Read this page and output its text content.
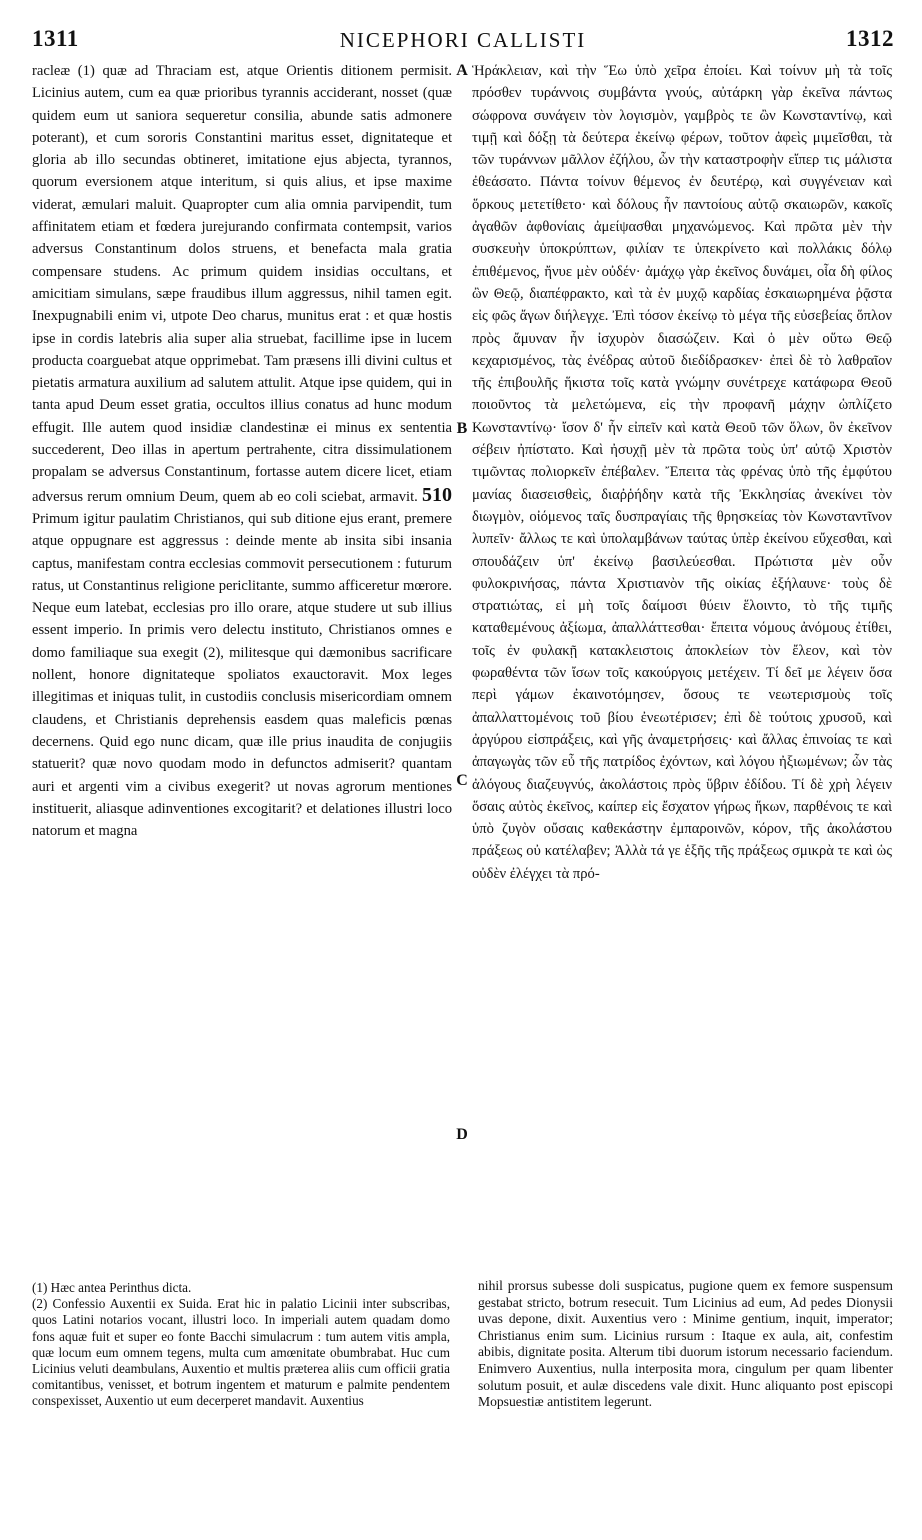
1311	NICEPHORI CALLISTI	1312

racleæ (1) quæ ad Thraciam est, atque Orientis ditionem permisit. Licinius autem, cum ea quæ prioribus tyrannis acciderant, nosset (quæ quidem eum ut saniora sequeretur consilia, abunde satis admonere poterant), et cum sororis Constantini maritus esset, dignitateque et gloria ab illo secundas obtineret, imitatione ejus abjecta, tyrannos, quorum eversionem atque interitum, si quis alius, et ipse maxime viderat, æmulari maluit. Quapropter cum alia omnia parvipendit, tum affinitatem etiam et fœdera jurejurando confirmata contempsit, varios adversus Constantinum dolos struens, et benefacta mala gratia compensare studens. Ac primum quidem insidias occultans, et amicitiam simulans, sæpe fraudibus illum aggressus, nihil tamen egit. Inexpugnabili enim vi, utpote Deo charus, munitus erat : et quæ hostis ipse in cordis latebris alia super alia struebat, facillime ipse in lucem producta coarguebat atque opprimebat. Tam præsens illi divini cultus et pietatis armatura auxilium ad salutem attulit. Atque ipse quidem, qui in tanta apud Deum esset gratia, occultos illius conatus ad hunc modum effugit. Ille autem quod insidiæ clandestinæ ei minus ex sententia succederent, Deo illas in apertum pertrahente, citra dissimulationem propalam se adversus Constantinum, fortasse autem dicere licet, etiam adversus rerum omnium Deum, quem ab eo coli sciebat, armavit. 510 Primum igitur paulatim Christianos, qui sub ditione ejus erant, premere atque oppugnare est aggressus : deinde mente ab insita sibi insania captus, manifestam contra ecclesias commovit persecutionem : futurum ratus, ut Constantinus religione periclitante, summo afficeretur mœrore. Neque eum latebat, ecclesias pro illo orare, atque studere ut sub illius essent imperio. In primis vero delectu instituto, Christianos omnes e domo familiaque sua exegit (2), militesque qui dæmonibus sacrificare nollent, honore dignitateque spoliatos exauctoravit. Mox leges illegitimas et iniquas tulit, in custodiis conclusis misericordiam omnem claudens, et Christianis deprehensis easdem quas maleficis pœnas decernens. Quid ego nunc dicam, quæ ille prius inaudita de conjugiis statuerit? quæ novo quodam modo in defunctos admiserit? quantam auri et argenti vim a civibus exegerit? ut novas agrorum mentiones instituerit, aliasque adinventiones excogitarit? et delationes illustri loco natorum et magna

A
B
C
D

Ἡράκλειαν, καὶ τὴν Ἕω ὑπὸ χεῖρα ἐποίει. Καὶ τοίνυν μὴ τὰ τοῖς πρόσθεν τυράννοις συμβάντα γνούς, αὐτάρκη γὰρ ἐκεῖνα πάντως σώφρονα συνάγειν τὸν λογισμὸν, γαμβρὸς τε ὢν Κωνσταντίνῳ, καὶ τιμῇ καὶ δόξῃ τὰ δεύτερα ἐκείνῳ φέρων, τοῦτον ἀφεὶς μιμεῖσθαι, τὰ τῶν τυράννων μᾶλλον ἐζήλου, ὧν τὴν καταστροφὴν εἴπερ τις μάλιστα ἐθεάσατο. Πάντα τοίνυν θέμενος ἐν δευτέρῳ, καὶ συγγένειαν καὶ ὅρκους μετετίθετο· καὶ δόλους ἦν παντοίους αὐτῷ σκαιωρῶν, κακοῖς ἀγαθῶν ἀφθονίαις ἀμείψασθαι μηχανώμενος. Καὶ πρῶτα μὲν τὴν συσκευὴν ὑποκρύπτων, φιλίαν τε ὑπεκρίνετο καὶ πολλάκις δόλῳ ἐπιθέμενος, ἤνυε μὲν οὐδέν· ἀμάχῳ γὰρ ἐκεῖνος δυνάμει, οἷα δὴ φίλος ὢν Θεῷ, διαπέφρακτο, καὶ τὰ ἐν μυχῷ καρδίας ἐσκαιωρημένα ῥᾷστα εἰς φῶς ἄγων διήλεγχε. Ἐπὶ τόσον ἐκείνῳ τὸ μέγα τῆς εὐσεβείας ὅπλον πρὸς ἄμυναν ἦν ἰσχυρὸν διασώζειν. Καὶ ὁ μὲν οὕτω Θεῷ κεχαρισμένος, τὰς ἐνέδρας αὐτοῦ διεδίδρασκεν· ἐπεὶ δὲ τὸ λαθραῖον τῆς ἐπιβουλῆς ἥκιστα τοῖς κατὰ γνώμην συνέτρεχε κατάφωρα Θεοῦ ποιοῦντος τὰ μελετώμενα, εἰς τὴν προφανῆ μάχην ὡπλίζετο Κωνσταντίνῳ· ἴσον δ' ἦν εἰπεῖν καὶ κατὰ Θεοῦ τῶν ὅλων, ὃν ἐκεῖνον σέβειν ἠπίστατο. Καὶ ἠσυχῇ μὲν τὰ πρῶτα τοὺς ὑπ' αὐτῷ Χριστὸν τιμῶντας πολιορκεῖν ἐπέβαλεν. Ἔπειτα τὰς φρένας ὑπὸ τῆς ἐμφύτου μανίας διασεισθεὶς, διαῤῥήδην κατὰ τῆς Ἐκκλησίας ἀνεκίνει τὸν διωγμὸν, οἰόμενος ταῖς δυσπραγίαις τῆς θρησκείας τὸν Κωνσταντῖνον λυπεῖν· ἄλλως τε καὶ ὑπολαμβάνων ταύτας ὑπὲρ ἐκείνου εὔχεσθαι, καὶ σπουδάζειν ὑπ' ἐκείνῳ βασιλεύεσθαι. Πρώτιστα μὲν οὖν φυλοκρινήσας, πάντα Χριστιανὸν τῆς οἰκίας ἐξήλαυνε· τοὺς δὲ στρατιώτας, εἰ μὴ τοῖς δαίμοσι θύειν ἕλοιντο, τὸ τῆς τιμῆς καταθεμένους ἀξίωμα, ἀπαλλάττεσθαι· ἔπειτα νόμους ἀνόμους ἐτίθει, τοῖς ἐν φυλακῇ κατακλειστοις ἀποκλείων τὸν ἔλεον, καὶ τὸν φωραθέντα τῶν ἴσων τοῖς κακούργοις μετέχειν. Τί δεῖ με λέγειν ὅσα περὶ γάμων ἐκαινοτόμησεν, ὅσους τε νεωτερισμοὺς τοῖς ἀπαλλαττομένοις τοῦ βίου ἐνεωτέρισεν; ἐπὶ δὲ τούτοις χρυσοῦ, καὶ ἀργύρου εἰσπράξεις, καὶ γῆς ἀναμετρήσεις· καὶ ἄλλας ἐπινοίας τε καὶ ἀπαγωγὰς τῶν εὖ τῆς πατρίδος ἐχόντων, καὶ λόγου ἠξιωμένων; ὧν τὰς ἀλόγους διαζευγνύς, ἀκολάστοις πρὸς ὕβριν ἐδίδου. Τί δὲ χρὴ λέγειν ὅσαις αὐτὸς ἐκεῖνος, καίπερ εἰς ἔσχατον γήρως ἥκων, παρθένοις τε καὶ ὑπὸ ζυγὸν οὔσαις καθεκάστην ἐμπαροινῶν, κόρον, τῆς ἀκολάστου πράξεως οὐ κατέλαβεν; Ἀλλὰ τά γε ἑξῆς τῆς πράξεως σμικρὰ τε καὶ ὡς οὐδὲν ἐλέγχει τὰ πρό-

(1) Hæc antea Perinthus dicta.

(2) Confessio Auxentii ex Suida. Erat hic in palatio Licinii inter subscribas, quos Latini notarios vocant, illustri loco. In imperiali autem quadam domo fons aquæ fuit et super eo fonte Bacchi simulacrum : tum autem vitis ampla, quæ locum eum omnem tegens, multa cum amœnitate obumbrabat. Huc cum Licinius veluti deambulans, Auxentio et multis præterea aliis cum officii gratia comitantibus, venisset, et botrum ingentem et maturum e palmite pendentem conspexisset, Auxentio ut eum decerperet mandavit. Auxentius

nihil prorsus subesse doli suspicatus, pugione quem ex femore suspensum gestabat stricto, botrum resecuit. Tum Licinius ad eum, Ad pedes Dionysii uvas depone, dixit. Auxentius vero : Minime gentium, inquit, imperator; Christianus enim sum. Licinius rursum : Itaque ex aula, ait, confestim abibis, dignitate posita. Alterum tibi duorum istorum necessario faciendum. Enimvero Auxentius, nulla interposita mora, cingulum per quam libenter solutum posuit, et aulæ discedens vale dixit. Hunc aliquanto post episcopi Mopsuestiæ antistitem legerunt.
